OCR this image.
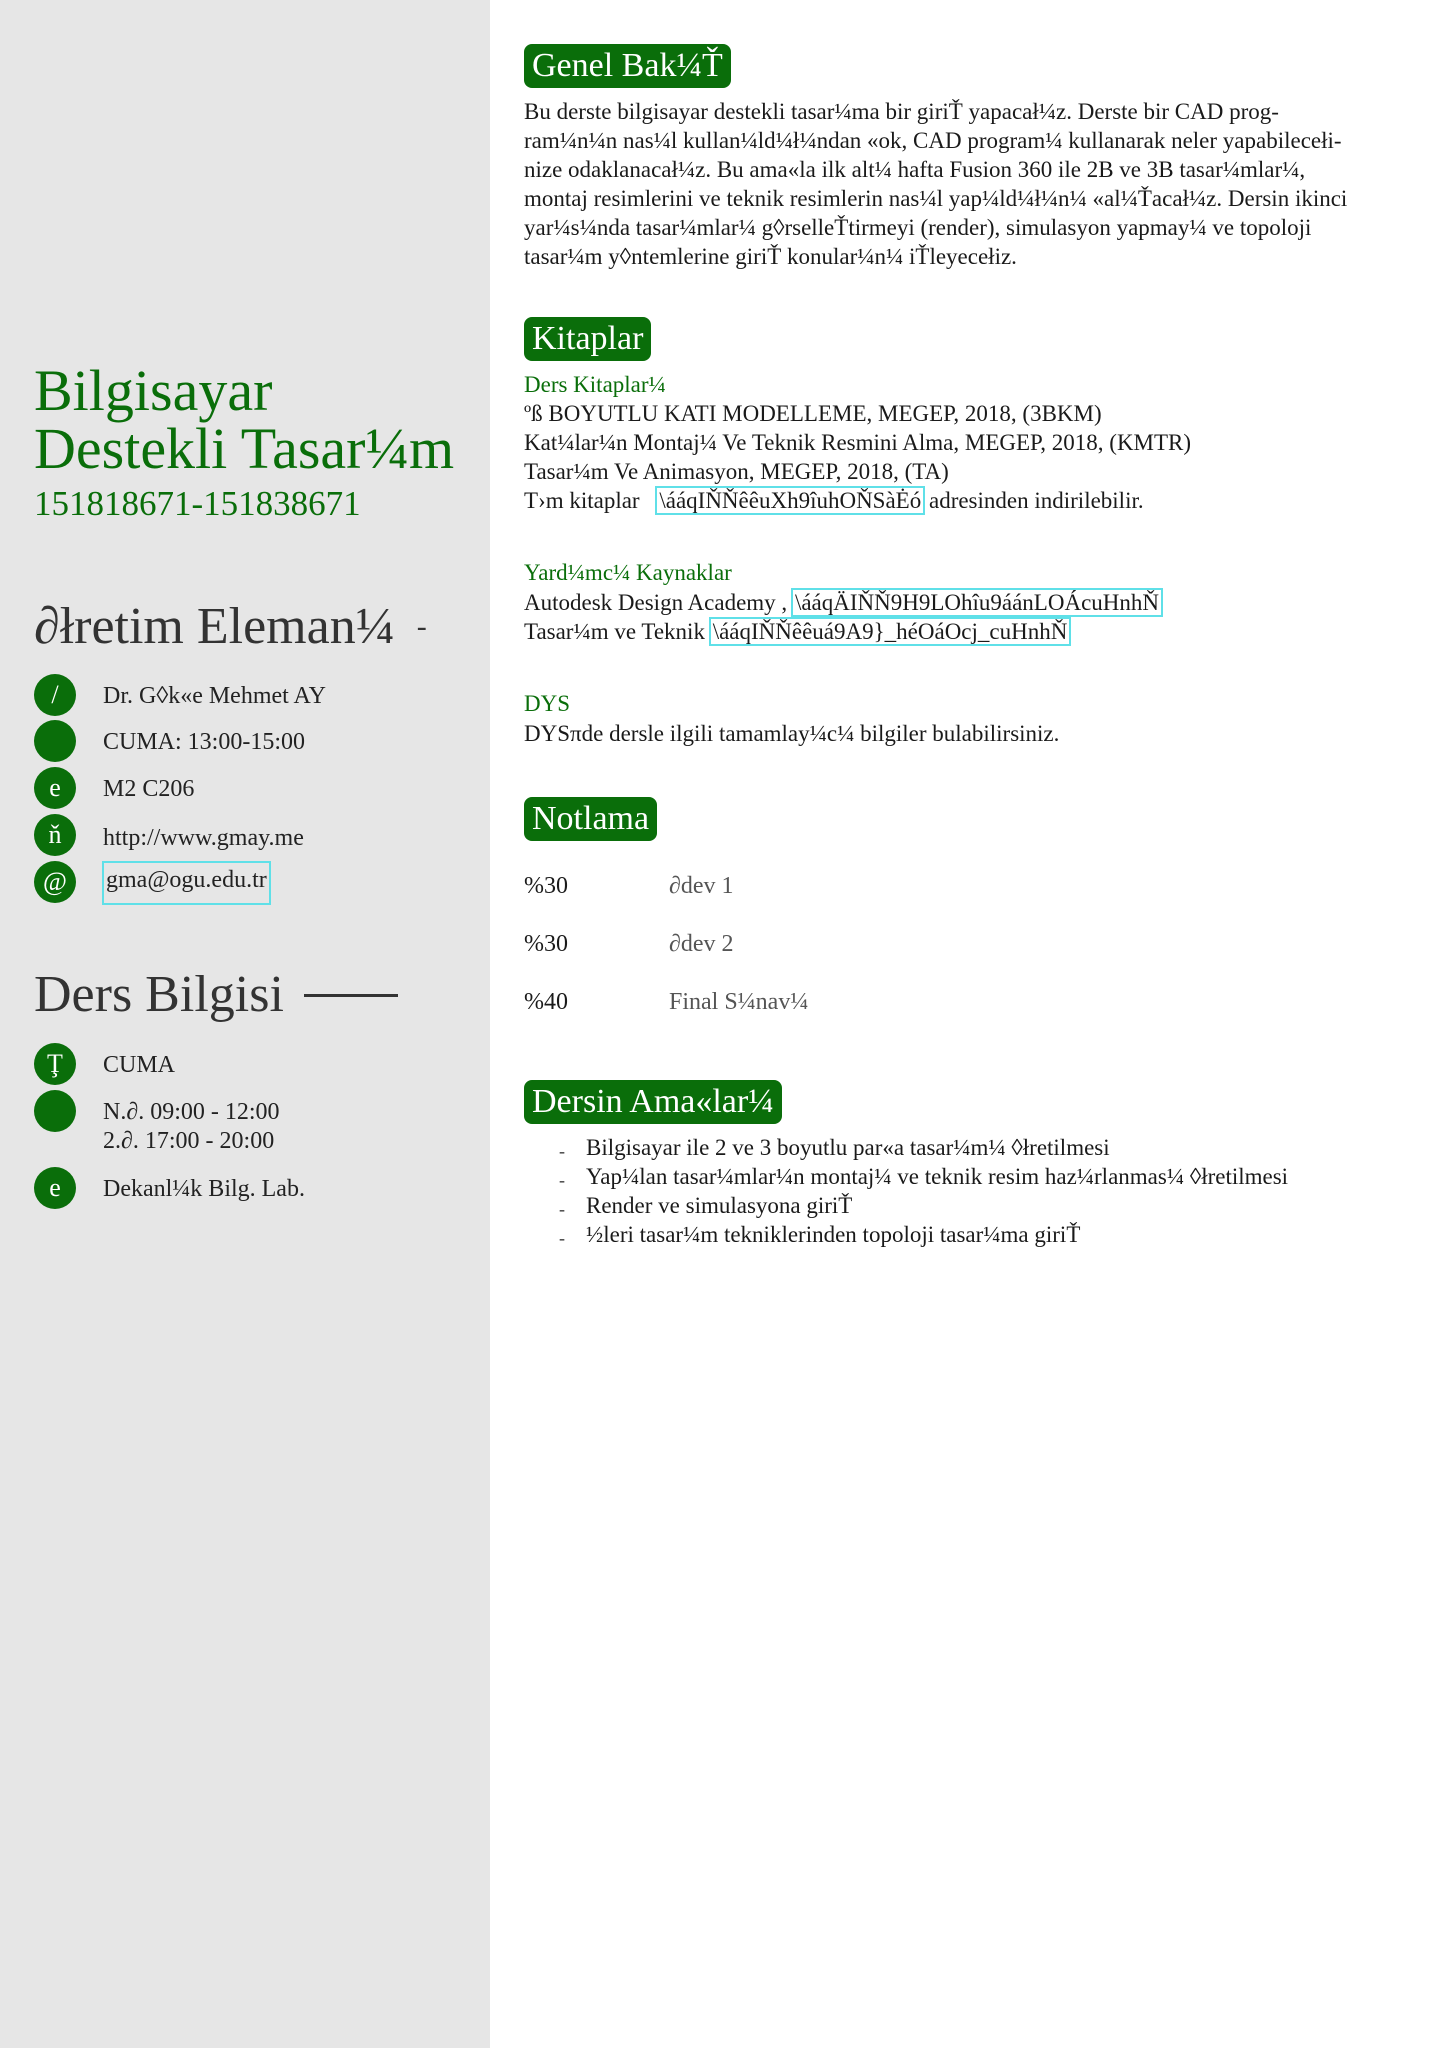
Bilgisayar
Destekli Tasar¼m
151818671-151838671
∂łretim Eleman¼ -
/	Dr. G◊k«e Mehmet AY
CUMA: 13:00-15:00
e	M2 C206
ň	http://www.gmay.me
@	gma@ogu.edu.tr
Ders Bilgisi
Ţ	CUMA
N.∂. 09:00 - 12:00
2.∂. 17:00 - 20:00
e	Dekanl¼k Bilg. Lab.
Genel Bak¼Ť

Bu derste bilgisayar destekli tasar¼ma bir giriŤ yapacał¼z. Derste bir CAD prog-

ram¼n¼n nas¼l kullan¼ld¼ł¼ndan «ok, CAD program¼ kullanarak neler yapabilecełi-

nize odaklanacał¼z. Bu ama«la ilk alt¼ hafta Fusion 360 ile 2B ve 3B tasar¼mlar¼,

montaj resimlerini ve teknik resimlerin nas¼l yap¼ld¼ł¼n¼ «al¼Ťacał¼z. Dersin ikinci

yar¼s¼nda tasar¼mlar¼ g◊rselleŤtirmeyi (render), simulasyon yapmay¼ ve topoloji

tasar¼m y◊ntemlerine giriŤ konular¼n¼ iŤleyecełiz.

Kitaplar
Ders Kitaplar¼
ºß BOYUTLU KATI MODELLEME, MEGEP, 2018, (3BKM)
Kat¼lar¼n Montaj¼ Ve Teknik Resmini Alma, MEGEP, 2018, (KMTR)
Tasar¼m Ve Animasyon, MEGEP, 2018, (TA)
T›m kitaplar \ááqIŇŇêêuXh9îuhOŇSàĖó adresinden indirilebilir.
Yard¼mc¼ Kaynaklar
Autodesk Design Academy , \ááqÄIŇŇ9H9LOhîu9áánLOÁcuHnhŇ
Tasar¼m ve Teknik \ááqIŇŇêêuá9A9}_héOáOcj_cuHnhŇ
DYS
DYSπde dersle ilgili tamamlay¼c¼ bilgiler bulabilirsiniz.
Notlama
%30	∂dev 1
%30	∂dev 2
%40	Final S¼nav¼
Dersin Ama«lar¼
- Bilgisayar ile 2 ve 3 boyutlu par«a tasar¼m¼ ◊łretilmesi
- Yap¼lan tasar¼mlar¼n montaj¼ ve teknik resim haz¼rlanmas¼ ◊łretilmesi
- Render ve simulasyona giriŤ
- ½leri tasar¼m tekniklerinden topoloji tasar¼ma giriŤ
